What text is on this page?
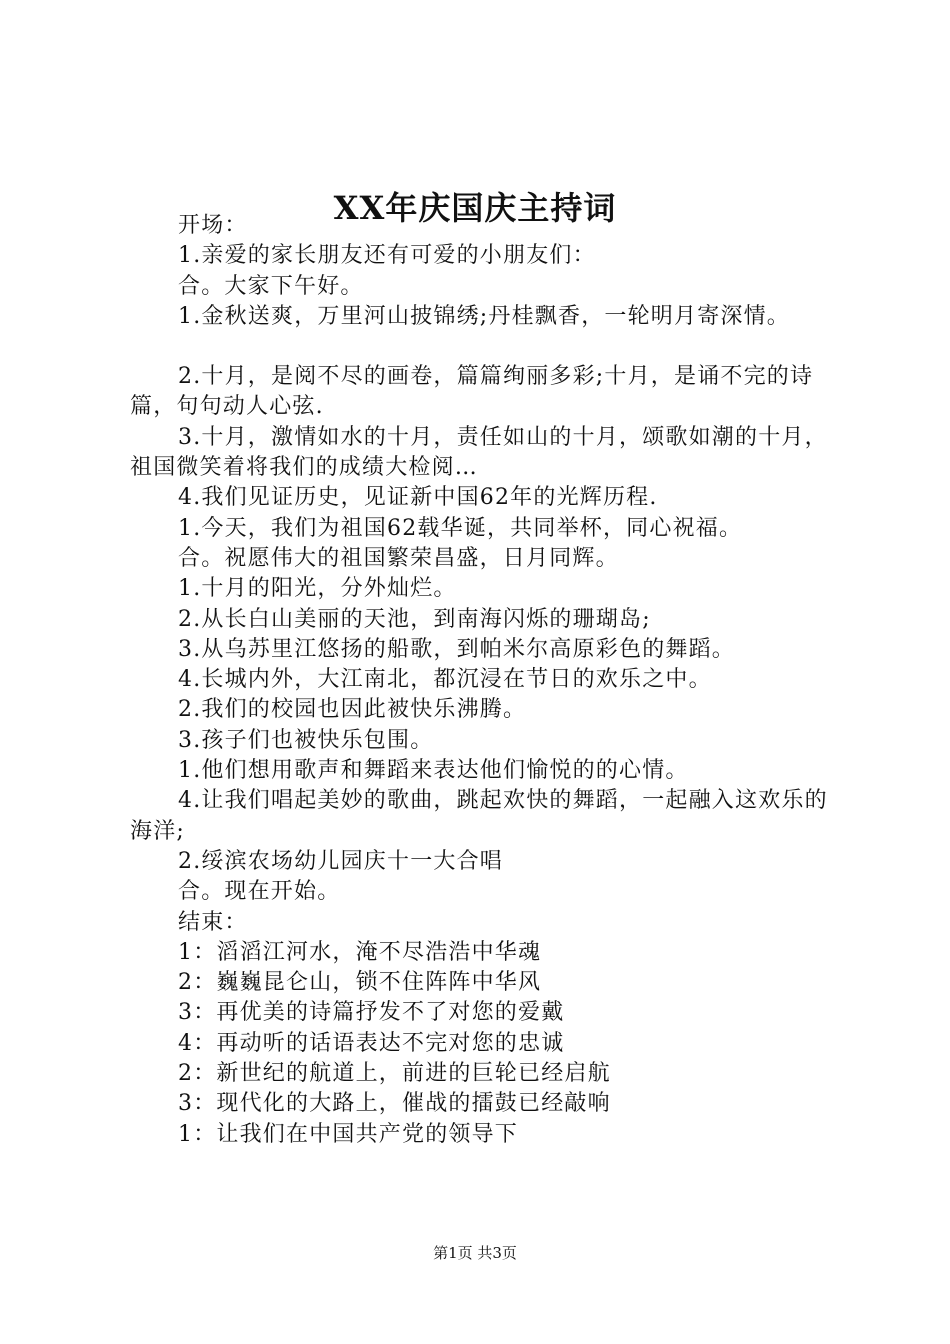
XX年庆国庆主持词

开场：

1.亲爱的家长朋友还有可爱的小朋友们：

合。大家下午好。

1.金秋送爽，万里河山披锦绣;丹桂飘香，一轮明月寄深情。

2.十月，是阅不尽的画卷，篇篇绚丽多彩;十月，是诵不完的诗篇，句句动人心弦.

3.十月，激情如水的十月，责任如山的十月，颂歌如潮的十月，祖国微笑着将我们的成绩大检阅…

4.我们见证历史，见证新中国62年的光辉历程.

1.今天，我们为祖国62载华诞，共同举杯，同心祝福。

合。祝愿伟大的祖国繁荣昌盛，日月同辉。

1.十月的阳光，分外灿烂。

2.从长白山美丽的天池，到南海闪烁的珊瑚岛;

3.从乌苏里江悠扬的船歌，到帕米尔高原彩色的舞蹈。

4.长城内外，大江南北，都沉浸在节日的欢乐之中。

2.我们的校园也因此被快乐沸腾。

3.孩子们也被快乐包围。

1.他们想用歌声和舞蹈来表达他们愉悦的的心情。

4.让我们唱起美妙的歌曲，跳起欢快的舞蹈，一起融入这欢乐的海洋;

2.绥滨农场幼儿园庆十一大合唱

合。现在开始。

结束：

1：滔滔江河水，淹不尽浩浩中华魂

2：巍巍昆仑山，锁不住阵阵中华风

3：再优美的诗篇抒发不了对您的爱戴

4：再动听的话语表达不完对您的忠诚

2：新世纪的航道上，前进的巨轮已经启航

3：现代化的大路上，催战的擂鼓已经敲响

1：让我们在中国共产党的领导下

第1页 共3页
